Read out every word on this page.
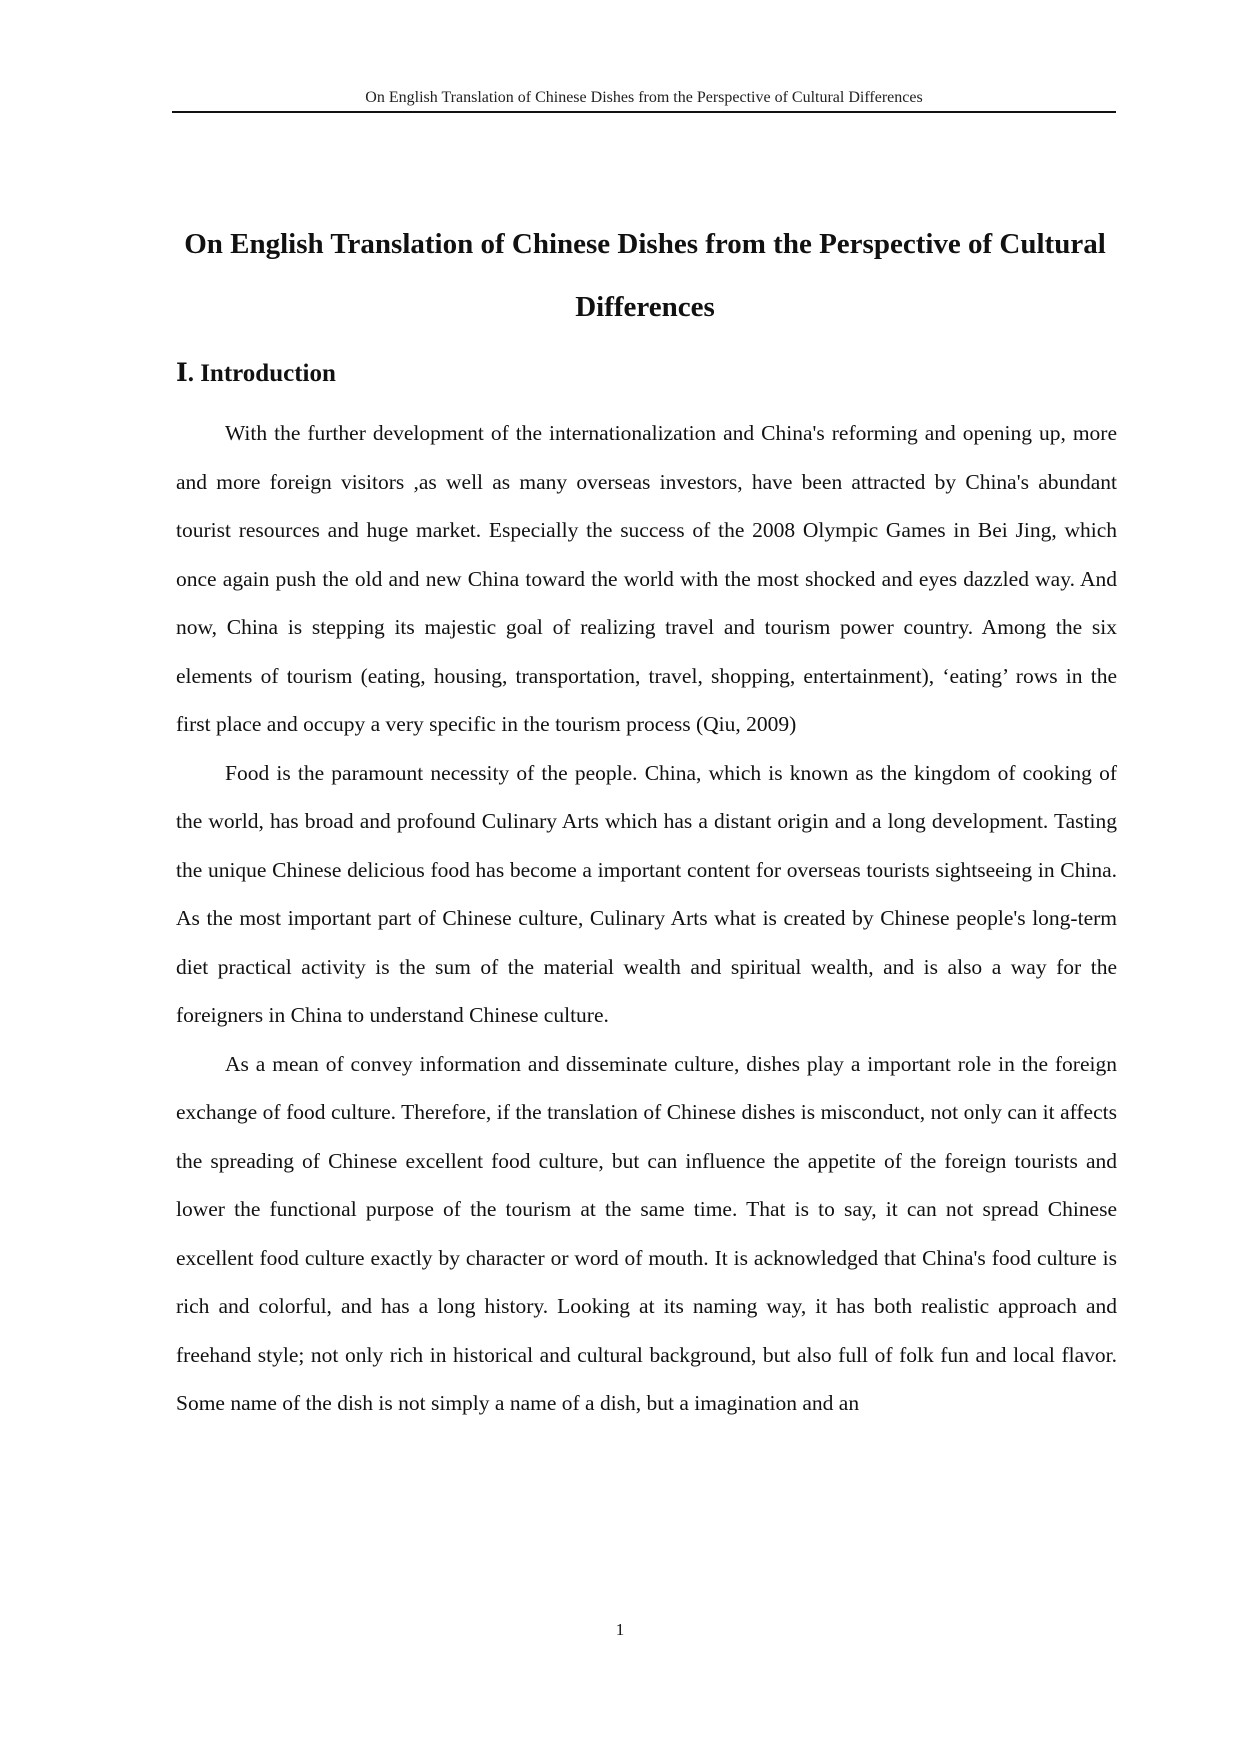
On English Translation of Chinese Dishes from the Perspective of Cultural Differences
On English Translation of Chinese Dishes from the Perspective of Cultural Differences
Ⅰ. Introduction

With the further development of the internationalization and China's reforming and opening up, more and more foreign visitors ,as well as many overseas investors, have been attracted by China's abundant tourist resources and huge market. Especially the success of the 2008 Olympic Games in Bei Jing, which once again push the old and new China toward the world with the most shocked and eyes dazzled way. And now, China is stepping its majestic goal of realizing travel and tourism power country. Among the six elements of tourism (eating, housing, transportation, travel, shopping, entertainment), ‘eating’ rows in the first place and occupy a very specific in the tourism process (Qiu, 2009)

Food is the paramount necessity of the people. China, which is known as the kingdom of cooking of the world, has broad and profound Culinary Arts which has a distant origin and a long development. Tasting the unique Chinese delicious food has become a important content for overseas tourists sightseeing in China. As the most important part of Chinese culture, Culinary Arts what is created by Chinese people's long-term diet practical activity is the sum of the material wealth and spiritual wealth, and is also a way for the foreigners in China to understand Chinese culture.

As a mean of convey information and disseminate culture, dishes play a important role in the foreign exchange of food culture. Therefore, if the translation of Chinese dishes is misconduct, not only can it affects the spreading of Chinese excellent food culture, but can influence the appetite of the foreign tourists and lower the functional purpose of the tourism at the same time. That is to say, it can not spread Chinese excellent food culture exactly by character or word of mouth. It is acknowledged that China's food culture is rich and colorful, and has a long history. Looking at its naming way, it has both realistic approach and freehand style; not only rich in historical and cultural background, but also full of folk fun and local flavor. Some name of the dish is not simply a name of a dish, but a imagination and an

1
